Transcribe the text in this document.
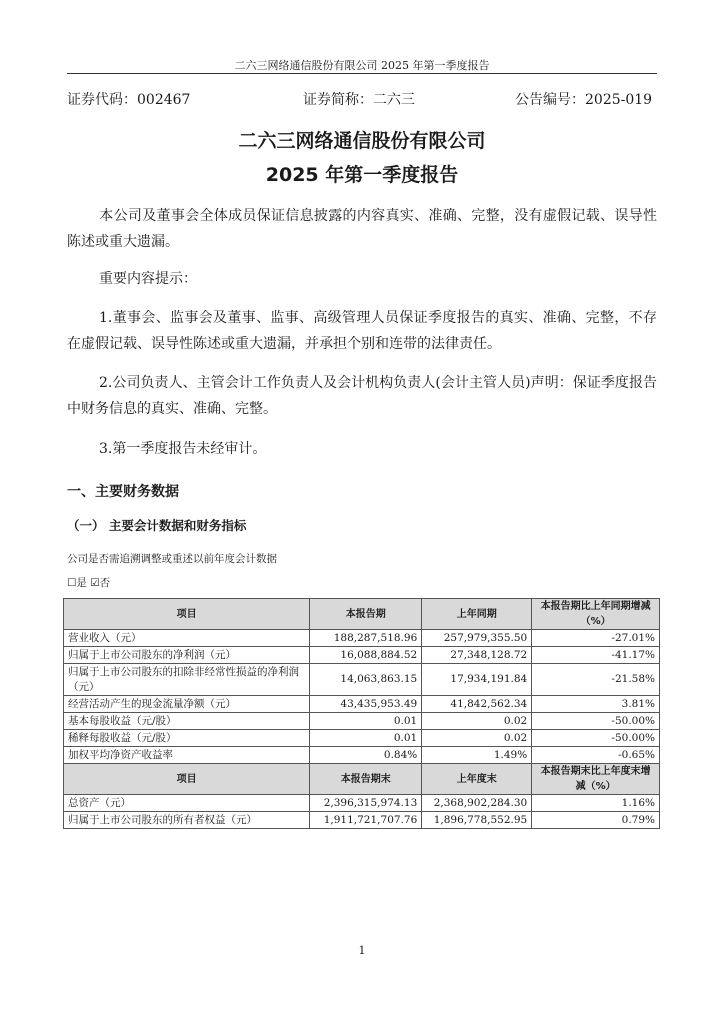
二六三网络通信股份有限公司 2025 年第一季度报告
证券代码：002467	证券简称：二六三	公告编号：2025-019
二六三网络通信股份有限公司
2025 年第一季度报告
本公司及董事会全体成员保证信息披露的内容真实、准确、完整，没有虚假记载、误导性陈述或重大遗漏。
重要内容提示：
1.董事会、监事会及董事、监事、高级管理人员保证季度报告的真实、准确、完整，不存在虚假记载、误导性陈述或重大遗漏，并承担个别和连带的法律责任。
2.公司负责人、主管会计工作负责人及会计机构负责人(会计主管人员)声明：保证季度报告中财务信息的真实、准确、完整。
3.第一季度报告未经审计。
一、主要财务数据
（一） 主要会计数据和财务指标
公司是否需追溯调整或重述以前年度会计数据
☐是 ☑否
项目	本报告期	上年同期	本报告期比上年同期增减（%）
营业收入（元）	188,287,518.96	257,979,355.50	-27.01%
归属于上市公司股东的净利润（元）	16,088,884.52	27,348,128.72	-41.17%
归属于上市公司股东的扣除非经常性损益的净利润（元）	14,063,863.15	17,934,191.84	-21.58%
经营活动产生的现金流量净额（元）	43,435,953.49	41,842,562.34	3.81%
基本每股收益（元/股）	0.01	0.02	-50.00%
稀释每股收益（元/股）	0.01	0.02	-50.00%
加权平均净资产收益率	0.84%	1.49%	-0.65%
项目	本报告期末	上年度末	本报告期末比上年度末增减（%）
总资产（元）	2,396,315,974.13	2,368,902,284.30	1.16%
归属于上市公司股东的所有者权益（元）	1,911,721,707.76	1,896,778,552.95	0.79%
1
